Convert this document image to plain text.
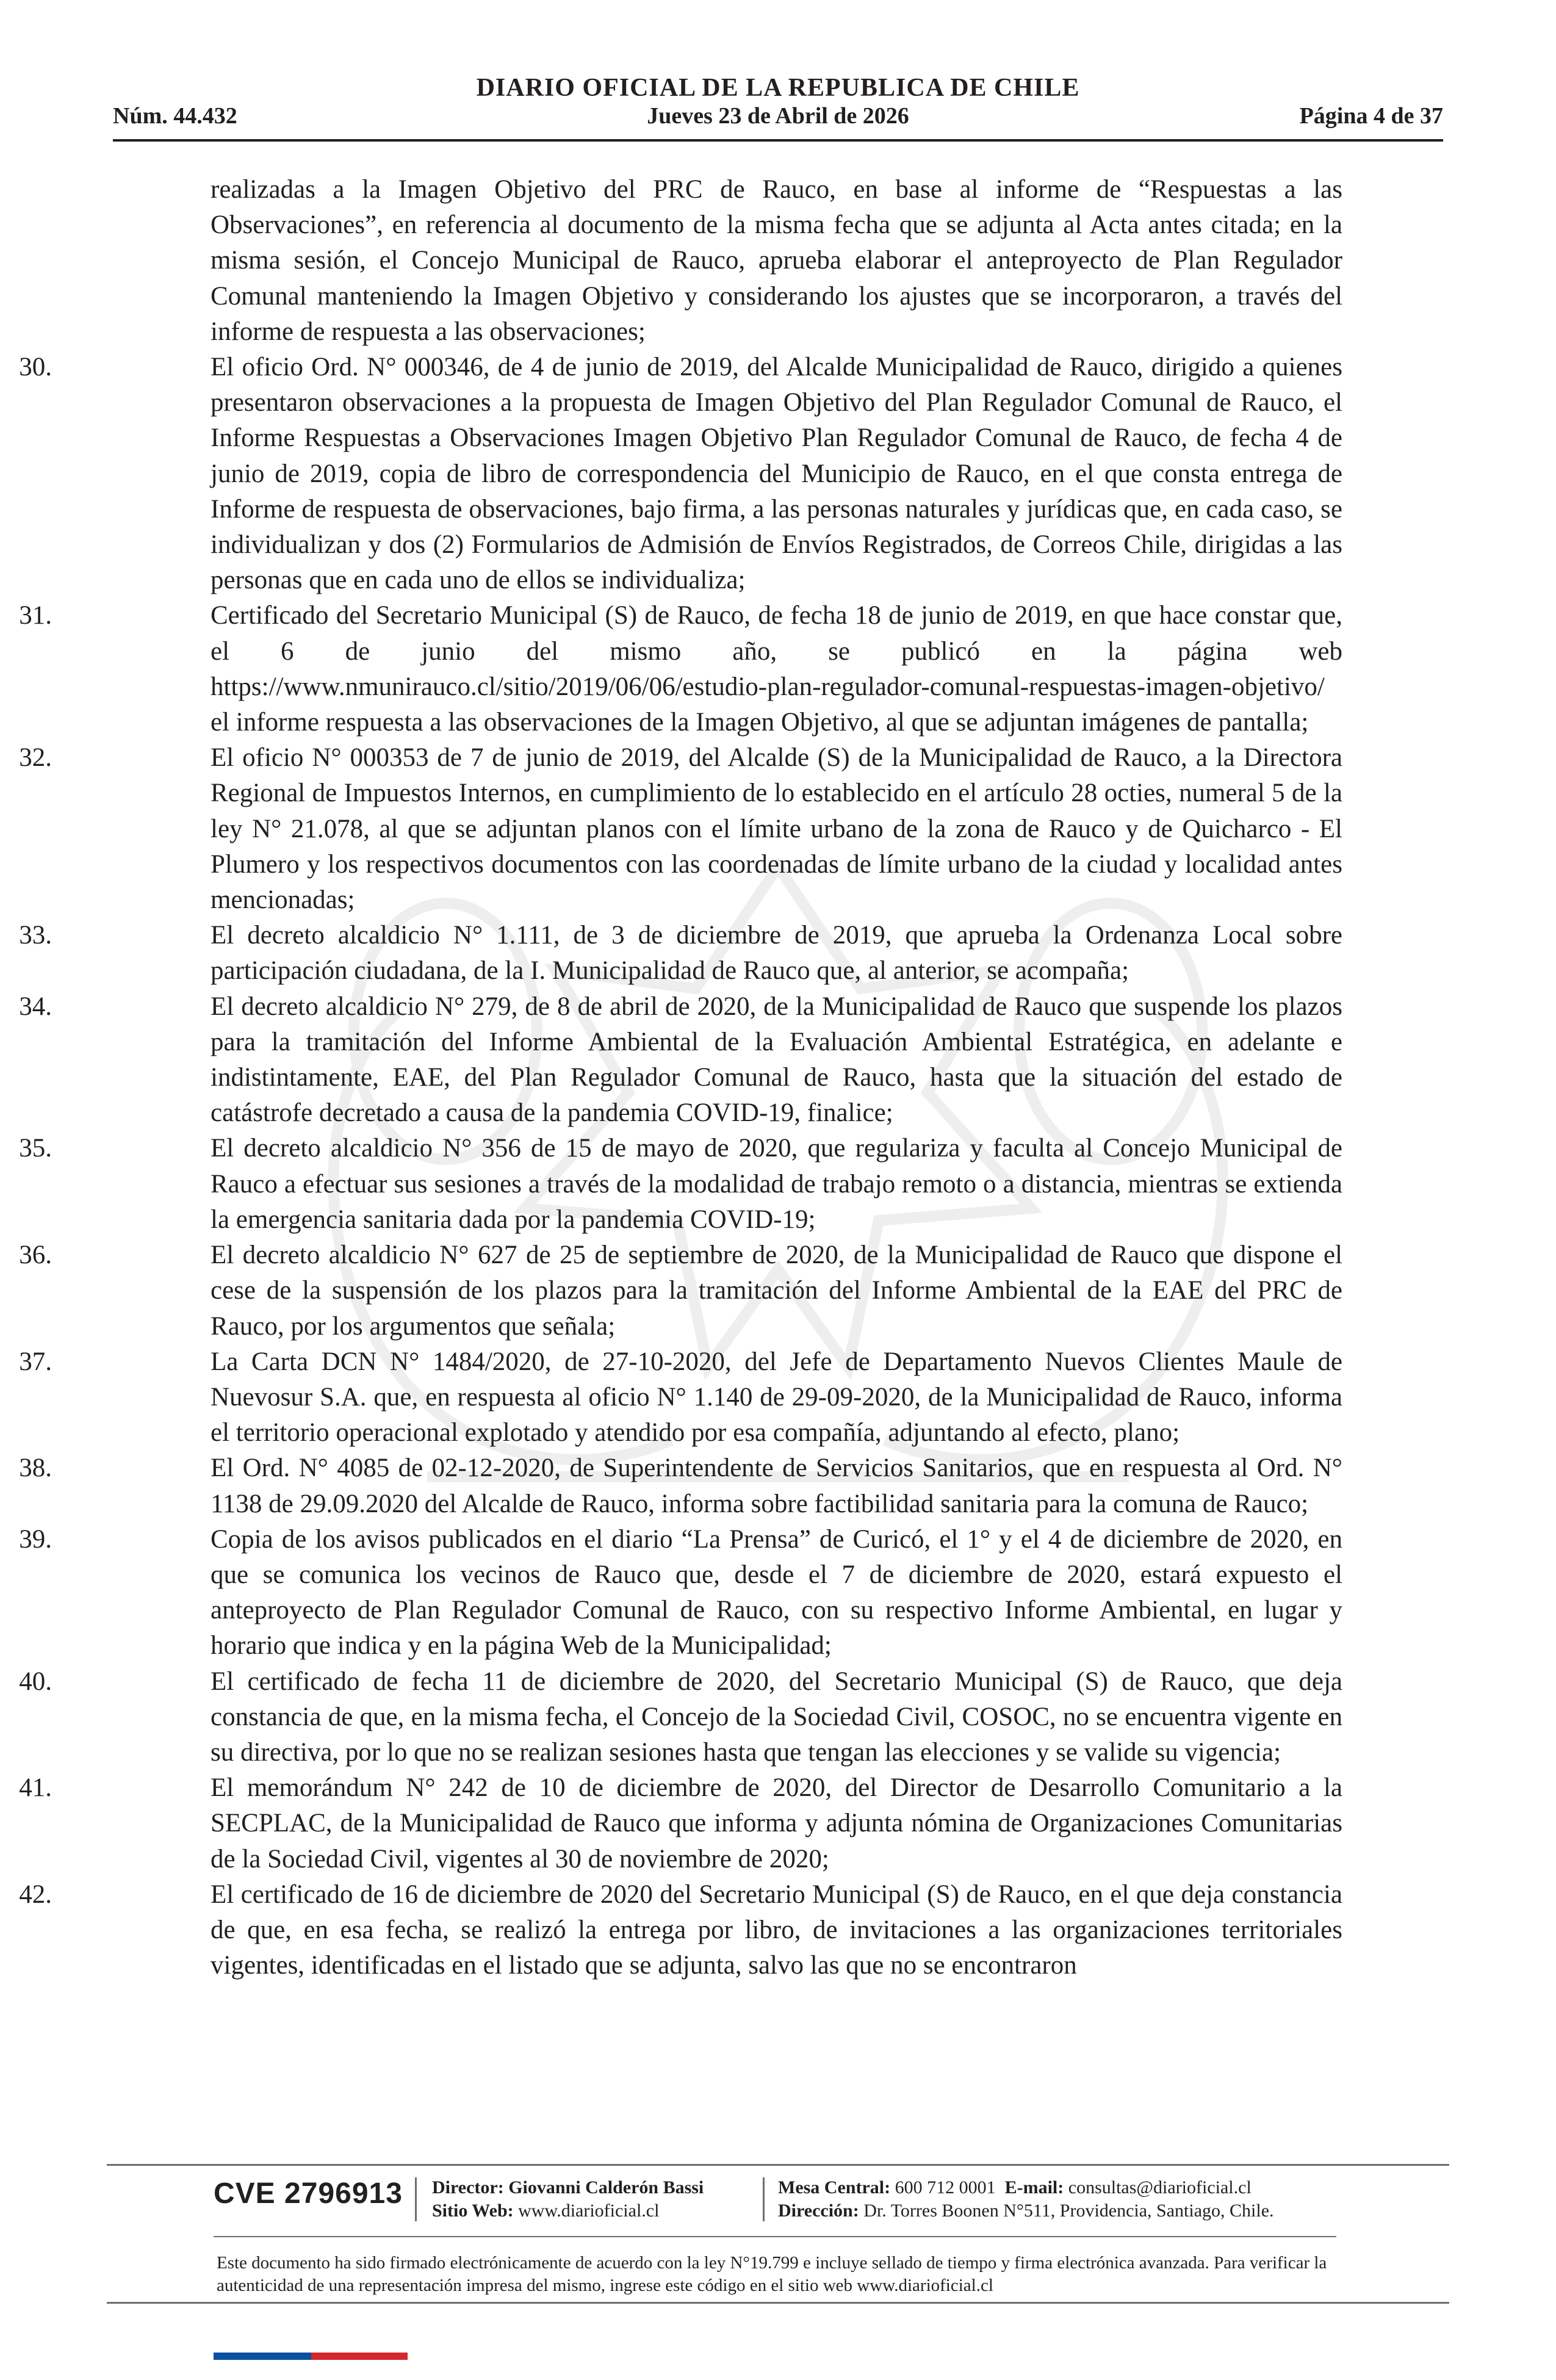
DIARIO OFICIAL DE LA REPUBLICA DE CHILE
Núm. 44.432	Jueves 23 de Abril de 2026	Página 4 de 37

realizadas a la Imagen Objetivo del PRC de Rauco, en base al informe de “Respuestas a las Observaciones”, en referencia al documento de la misma fecha que se adjunta al Acta antes citada; en la misma sesión, el Concejo Municipal de Rauco, aprueba elaborar el anteproyecto de Plan Regulador Comunal manteniendo la Imagen Objetivo y considerando los ajustes que se incorporaron, a través del informe de respuesta a las observaciones;

30.	El oficio Ord. N° 000346, de 4 de junio de 2019, del Alcalde Municipalidad de Rauco, dirigido a quienes presentaron observaciones a la propuesta de Imagen Objetivo del Plan Regulador Comunal de Rauco, el Informe Respuestas a Observaciones Imagen Objetivo Plan Regulador Comunal de Rauco, de fecha 4 de junio de 2019, copia de libro de correspondencia del Municipio de Rauco, en el que consta entrega de Informe de respuesta de observaciones, bajo firma, a las personas naturales y jurídicas que, en cada caso, se individualizan y dos (2) Formularios de Admisión de Envíos Registrados, de Correos Chile, dirigidas a las personas que en cada uno de ellos se individualiza;

31.	Certificado del Secretario Municipal (S) de Rauco, de fecha 18 de junio de 2019, en que hace constar que, el 6 de junio del mismo año, se publicó en la página web https://www.nmunirauco.cl/sitio/2019/06/06/estudio-plan-regulador-comunal-respuestas-imagen-objetivo/ el informe respuesta a las observaciones de la Imagen Objetivo, al que se adjuntan imágenes de pantalla;

32.	El oficio N° 000353 de 7 de junio de 2019, del Alcalde (S) de la Municipalidad de Rauco, a la Directora Regional de Impuestos Internos, en cumplimiento de lo establecido en el artículo 28 octies, numeral 5 de la ley N° 21.078, al que se adjuntan planos con el límite urbano de la zona de Rauco y de Quicharco - El Plumero y los respectivos documentos con las coordenadas de límite urbano de la ciudad y localidad antes mencionadas;

33.	El decreto alcaldicio N° 1.111, de 3 de diciembre de 2019, que aprueba la Ordenanza Local sobre participación ciudadana, de la I. Municipalidad de Rauco que, al anterior, se acompaña;

34.	El decreto alcaldicio N° 279, de 8 de abril de 2020, de la Municipalidad de Rauco que suspende los plazos para la tramitación del Informe Ambiental de la Evaluación Ambiental Estratégica, en adelante e indistintamente, EAE, del Plan Regulador Comunal de Rauco, hasta que la situación del estado de catástrofe decretado a causa de la pandemia COVID-19, finalice;

35.	El decreto alcaldicio N° 356 de 15 de mayo de 2020, que regulariza y faculta al Concejo Municipal de Rauco a efectuar sus sesiones a través de la modalidad de trabajo remoto o a distancia, mientras se extienda la emergencia sanitaria dada por la pandemia COVID-19;

36.	El decreto alcaldicio N° 627 de 25 de septiembre de 2020, de la Municipalidad de Rauco que dispone el cese de la suspensión de los plazos para la tramitación del Informe Ambiental de la EAE del PRC de Rauco, por los argumentos que señala;

37.	La Carta DCN N° 1484/2020, de 27-10-2020, del Jefe de Departamento Nuevos Clientes Maule de Nuevosur S.A. que, en respuesta al oficio N° 1.140 de 29-09-2020, de la Municipalidad de Rauco, informa el territorio operacional explotado y atendido por esa compañía, adjuntando al efecto, plano;

38.	El Ord. N° 4085 de 02-12-2020, de Superintendente de Servicios Sanitarios, que en respuesta al Ord. N° 1138 de 29.09.2020 del Alcalde de Rauco, informa sobre factibilidad sanitaria para la comuna de Rauco;

39.	Copia de los avisos publicados en el diario “La Prensa” de Curicó, el 1° y el 4 de diciembre de 2020, en que se comunica los vecinos de Rauco que, desde el 7 de diciembre de 2020, estará expuesto el anteproyecto de Plan Regulador Comunal de Rauco, con su respectivo Informe Ambiental, en lugar y horario que indica y en la página Web de la Municipalidad;

40.	El certificado de fecha 11 de diciembre de 2020, del Secretario Municipal (S) de Rauco, que deja constancia de que, en la misma fecha, el Concejo de la Sociedad Civil, COSOC, no se encuentra vigente en su directiva, por lo que no se realizan sesiones hasta que tengan las elecciones y se valide su vigencia;

41.	El memorándum N° 242 de 10 de diciembre de 2020, del Director de Desarrollo Comunitario a la SECPLAC, de la Municipalidad de Rauco que informa y adjunta nómina de Organizaciones Comunitarias de la Sociedad Civil, vigentes al 30 de noviembre de 2020;

42.	El certificado de 16 de diciembre de 2020 del Secretario Municipal (S) de Rauco, en el que deja constancia de que, en esa fecha, se realizó la entrega por libro, de invitaciones a las organizaciones territoriales vigentes, identificadas en el listado que se adjunta, salvo las que no se encontraron

CVE 2796913 Director: Giovanni Calderón Bassi
Sitio Web: www.diarioficial.cl
Mesa Central: 600 712 0001 E-mail: consultas@diarioficial.cl
Dirección: Dr. Torres Boonen N°511, Providencia, Santiago, Chile.
Este documento ha sido firmado electrónicamente de acuerdo con la ley N°19.799 e incluye sellado de tiempo y firma electrónica avanzada. Para verificar la autenticidad de una representación impresa del mismo, ingrese este código en el sitio web www.diarioficial.cl
